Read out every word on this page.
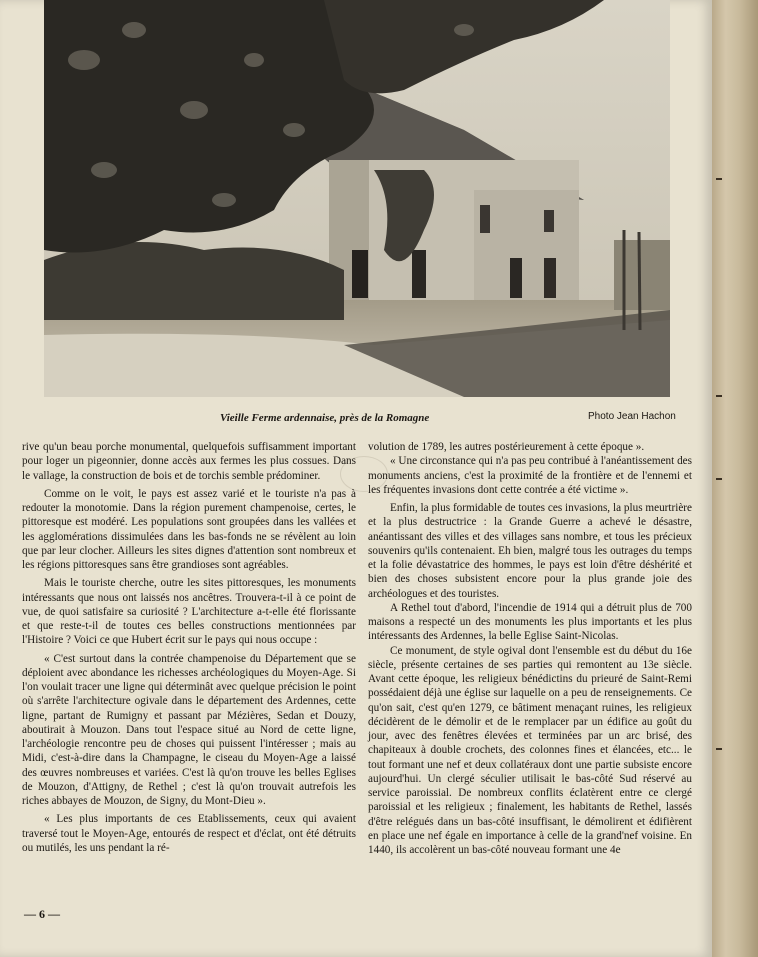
Vieille Ferme ardennaise, près de la Romagne	Photo Jean Hachon

rive qu'un beau porche monumental, quelquefois suffisamment important pour loger un pigeonnier, donne accès aux fermes les plus cossues. Dans le vallage, la construction de bois et de torchis semble prédominer.

Comme on le voit, le pays est assez varié et le touriste n'a pas à redouter la monotomie. Dans la région purement champenoise, certes, le pittoresque est modéré. Les populations sont groupées dans les vallées et les agglomérations dissimulées dans les bas-fonds ne se révèlent au loin que par leur clocher. Ailleurs les sites dignes d'attention sont nombreux et les régions pittoresques sans être grandioses sont agréables.

Mais le touriste cherche, outre les sites pittoresques, les monuments intéressants que nous ont laissés nos ancêtres. Trouvera-t-il à ce point de vue, de quoi satisfaire sa curiosité ? L'architecture a-t-elle été florissante et que reste-t-il de toutes ces belles constructions mentionnées par l'Histoire ? Voici ce que Hubert écrit sur le pays qui nous occupe :

« C'est surtout dans la contrée champenoise du Département que se déploient avec abondance les richesses archéologiques du Moyen-Age. Si l'on voulait tracer une ligne qui déterminât avec quelque précision le point où s'arrête l'architecture ogivale dans le département des Ardennes, cette ligne, partant de Rumigny et passant par Mézières, Sedan et Douzy, aboutirait à Mouzon. Dans tout l'espace situé au Nord de cette ligne, l'archéologie rencontre peu de choses qui puissent l'intéresser ; mais au Midi, c'est-à-dire dans la Champagne, le ciseau du Moyen-Age a laissé des œuvres nombreuses et variées. C'est là qu'on trouve les belles Eglises de Mouzon, d'Attigny, de Rethel ; c'est là qu'on trouvait autrefois les riches abbayes de Mouzon, de Signy, du Mont-Dieu ».

« Les plus importants de ces Etablissements, ceux qui avaient traversé tout le Moyen-Age, entourés de respect et d'éclat, ont été détruits ou mutilés, les uns pendant la ré-

volution de 1789, les autres postérieurement à cette époque ».

« Une circonstance qui n'a pas peu contribué à l'anéantissement des monuments anciens, c'est la proximité de la frontière et de l'ennemi et les fréquentes invasions dont cette contrée a été victime ».

Enfin, la plus formidable de toutes ces invasions, la plus meurtrière et la plus destructrice : la Grande Guerre a achevé le désastre, anéantissant des villes et des villages sans nombre, et tous les précieux souvenirs qu'ils contenaient. Eh bien, malgré tous les outrages du temps et la folie dévastatrice des hommes, le pays est loin d'être déshérité et bien des choses subsistent encore pour la plus grande joie des archéologues et des touristes.

A Rethel tout d'abord, l'incendie de 1914 qui a détruit plus de 700 maisons a respecté un des monuments les plus importants et les plus intéressants des Ardennes, la belle Eglise Saint-Nicolas.

Ce monument, de style ogival dont l'ensemble est du début du 16e siècle, présente certaines de ses parties qui remontent au 13e siècle. Avant cette époque, les religieux bénédictins du prieuré de Saint-Remi possédaient déjà une église sur laquelle on a peu de renseignements. Ce qu'on sait, c'est qu'en 1279, ce bâtiment menaçant ruines, les religieux décidèrent de le démolir et de le remplacer par un édifice au goût du jour, avec des fenêtres élevées et terminées par un arc brisé, des chapiteaux à double crochets, des colonnes fines et élancées, etc... le tout formant une nef et deux collatéraux dont une partie subsiste encore aujourd'hui. Un clergé séculier utilisait le bas-côté Sud réservé au service paroissial. De nombreux conflits éclatèrent entre ce clergé paroissial et les religieux ; finalement, les habitants de Rethel, lassés d'être relégués dans un bas-côté insuffisant, le démolirent et édifièrent en place une nef égale en importance à celle de la grand'nef voisine. En 1440, ils accolèrent un bas-côté nouveau formant une 4e

— 6 —
